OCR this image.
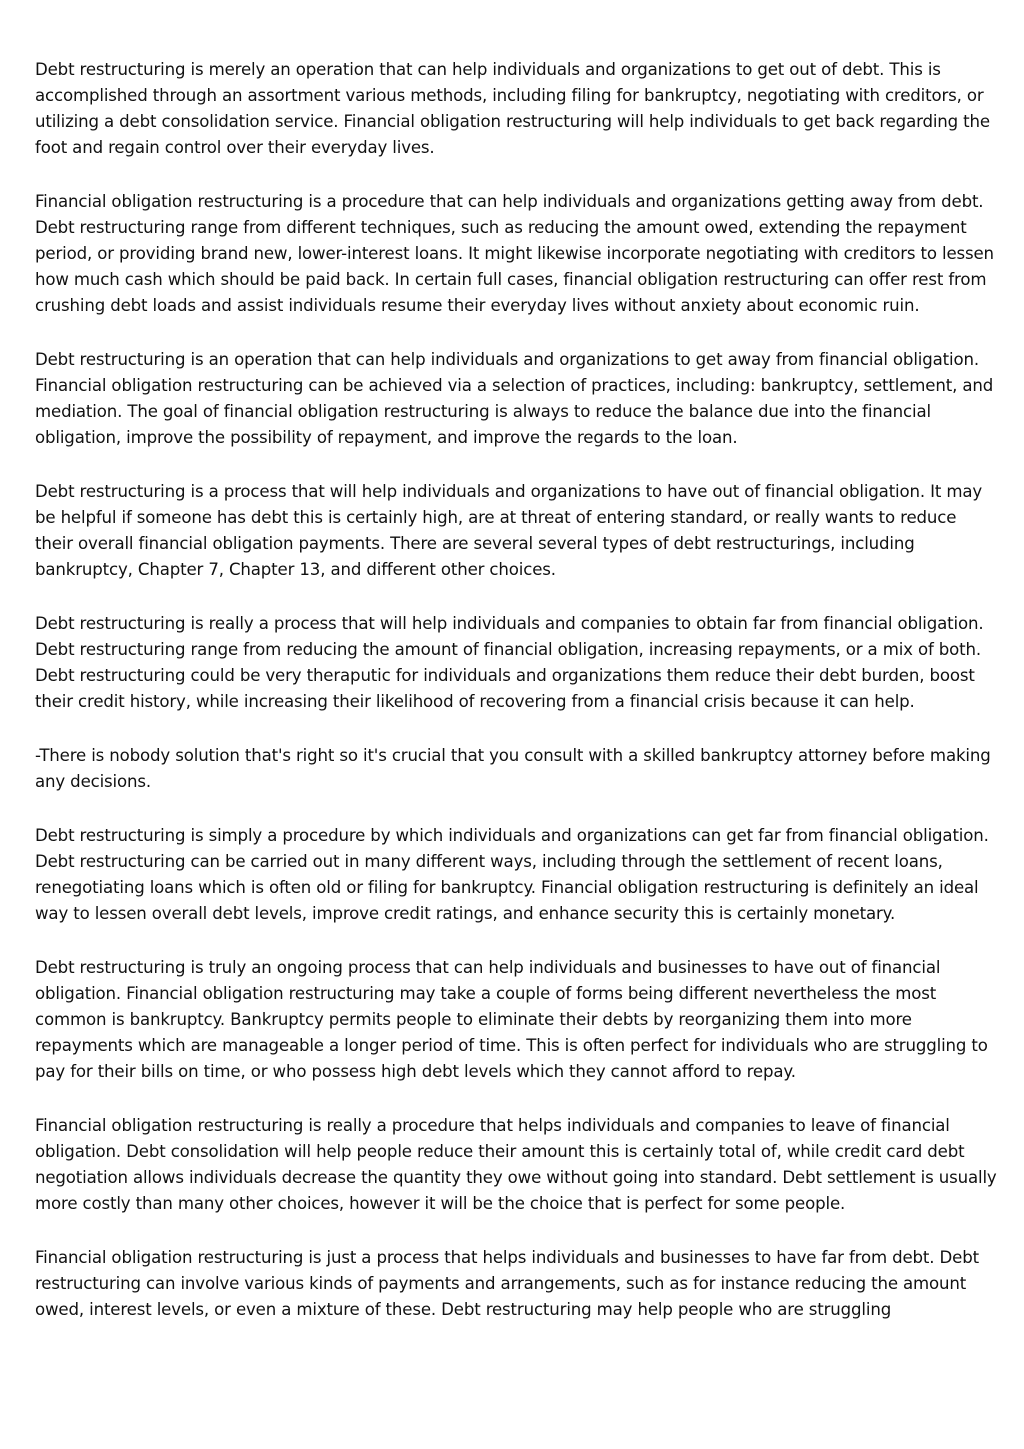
Debt restructuring is merely an operation that can help individuals and organizations to get out of debt. This is accomplished through an assortment various methods, including filing for bankruptcy, negotiating with creditors, or utilizing a debt consolidation service. Financial obligation restructuring will help individuals to get back regarding the foot and regain control over their everyday lives.

Financial obligation restructuring is a procedure that can help individuals and organizations getting away from debt. Debt restructuring range from different techniques, such as reducing the amount owed, extending the repayment period, or providing brand new, lower-interest loans. It might likewise incorporate negotiating with creditors to lessen how much cash which should be paid back. In certain full cases, financial obligation restructuring can offer rest from crushing debt loads and assist individuals resume their everyday lives without anxiety about economic ruin.

Debt restructuring is an operation that can help individuals and organizations to get away from financial obligation. Financial obligation restructuring can be achieved via a selection of practices, including: bankruptcy, settlement, and mediation. The goal of financial obligation restructuring is always to reduce the balance due into the financial obligation, improve the possibility of repayment, and improve the regards to the loan.

Debt restructuring is a process that will help individuals and organizations to have out of financial obligation. It may be helpful if someone has debt this is certainly high, are at threat of entering standard, or really wants to reduce their overall financial obligation payments. There are several several types of debt restructurings, including bankruptcy, Chapter 7, Chapter 13, and different other choices.

Debt restructuring is really a process that will help individuals and companies to obtain far from financial obligation. Debt restructuring range from reducing the amount of financial obligation, increasing repayments, or a mix of both. Debt restructuring could be very theraputic for individuals and organizations them reduce their debt burden, boost their credit history, while increasing their likelihood of recovering from a financial crisis because it can help.

-There is nobody solution that's right so it's crucial that you consult with a skilled bankruptcy attorney before making any decisions.

Debt restructuring is simply a procedure by which individuals and organizations can get far from financial obligation. Debt restructuring can be carried out in many different ways, including through the settlement of recent loans, renegotiating loans which is often old or filing for bankruptcy. Financial obligation restructuring is definitely an ideal way to lessen overall debt levels, improve credit ratings, and enhance security this is certainly monetary.

Debt restructuring is truly an ongoing process that can help individuals and businesses to have out of financial obligation. Financial obligation restructuring may take a couple of forms being different nevertheless the most common is bankruptcy. Bankruptcy permits people to eliminate their debts by reorganizing them into more repayments which are manageable a longer period of time. This is often perfect for individuals who are struggling to pay for their bills on time, or who possess high debt levels which they cannot afford to repay.

Financial obligation restructuring is really a procedure that helps individuals and companies to leave of financial obligation. Debt consolidation will help people reduce their amount this is certainly total of, while credit card debt negotiation allows individuals decrease the quantity they owe without going into standard. Debt settlement is usually more costly than many other choices, however it will be the choice that is perfect for some people.

Financial obligation restructuring is just a process that helps individuals and businesses to have far from debt. Debt restructuring can involve various kinds of payments and arrangements, such as for instance reducing the amount owed, interest levels, or even a mixture of these. Debt restructuring may help people who are struggling
